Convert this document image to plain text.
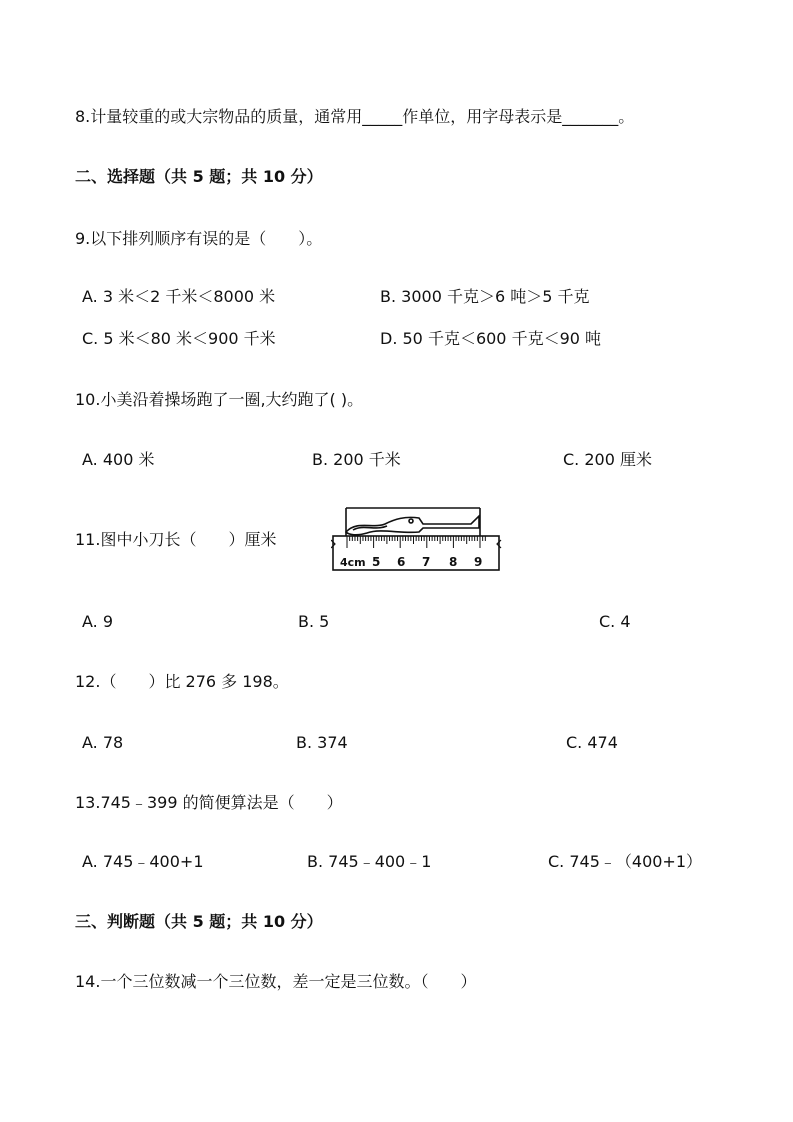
8.计量较重的或大宗物品的质量，通常用_____作单位，用字母表示是_______。
二、选择题（共 5 题；共 10 分）
9.以下排列顺序有误的是（　　）。
A. 3 米＜2 千米＜8000 米	B. 3000 千克＞6 吨＞5 千克
C. 5 米＜80 米＜900 千米	D. 50 千克＜600 千克＜90 吨
10.小美沿着操场跑了一圈,大约跑了( )。
A. 400 米	B. 200 千米	C. 200 厘米
11.图中小刀长（　　）厘米
4cm 5 6 7 8 9
A. 9	B. 5	C. 4
12.（　　）比 276 多 198。
A. 78	B. 374	C. 474
13.745﹣399 的简便算法是（　　）
A. 745﹣400+1	B. 745﹣400﹣1	C. 745﹣（400+1）
三、判断题（共 5 题；共 10 分）
14.一个三位数减一个三位数，差一定是三位数。（　　）
